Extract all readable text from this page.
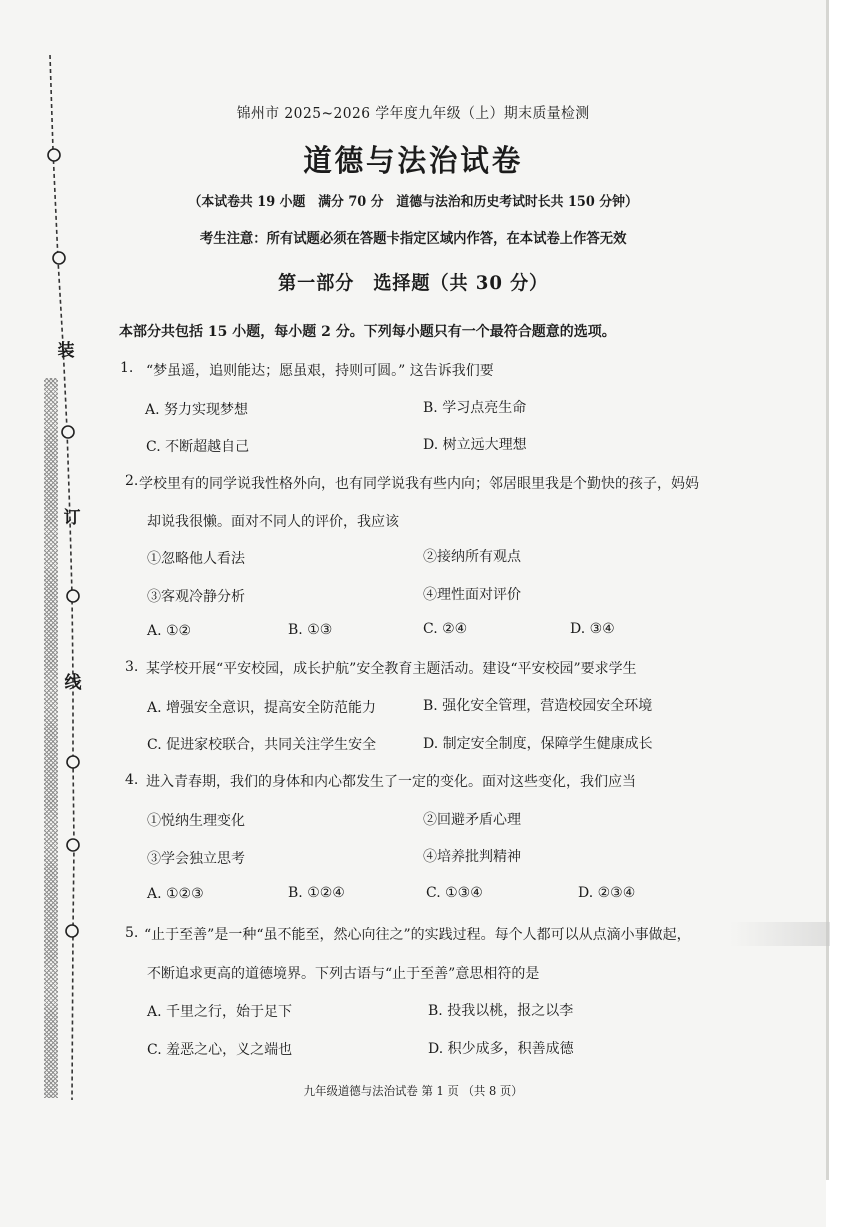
装
订
线
锦州市 2025~2026 学年度九年级（上）期末质量检测
道德与法治试卷
（本试卷共 19 小题　满分 70 分　道德与法治和历史考试时长共 150 分钟）
考生注意：所有试题必须在答题卡指定区域内作答，在本试卷上作答无效
第一部分　选择题（共 30 分）
本部分共包括 15 小题，每小题 2 分。下列每小题只有一个最符合题意的选项。
1. “梦虽遥，追则能达；愿虽艰，持则可圆。” 这告诉我们要
A. 努力实现梦想	B. 学习点亮生命
C. 不断超越自己	D. 树立远大理想
2. 学校里有的同学说我性格外向，也有同学说我有些内向；邻居眼里我是个勤快的孩子，妈妈
却说我很懒。面对不同人的评价，我应该
①忽略他人看法	②接纳所有观点
③客观冷静分析	④理性面对评价
A. ①②	B. ①③	C. ②④	D. ③④
3. 某学校开展“平安校园，成长护航”安全教育主题活动。建设“平安校园”要求学生
A. 增强安全意识，提高安全防范能力	B. 强化安全管理，营造校园安全环境
C. 促进家校联合，共同关注学生安全	D. 制定安全制度，保障学生健康成长
4. 进入青春期，我们的身体和内心都发生了一定的变化。面对这些变化，我们应当
①悦纳生理变化	②回避矛盾心理
③学会独立思考	④培养批判精神
A. ①②③	B. ①②④	C. ①③④	D. ②③④
5. “止于至善”是一种“虽不能至，然心向往之”的实践过程。每个人都可以从点滴小事做起，
不断追求更高的道德境界。下列古语与“止于至善”意思相符的是
A. 千里之行，始于足下	B. 投我以桃，报之以李
C. 羞恶之心，义之端也	D. 积少成多，积善成德
九年级道德与法治试卷 第 1 页 （共 8 页）
